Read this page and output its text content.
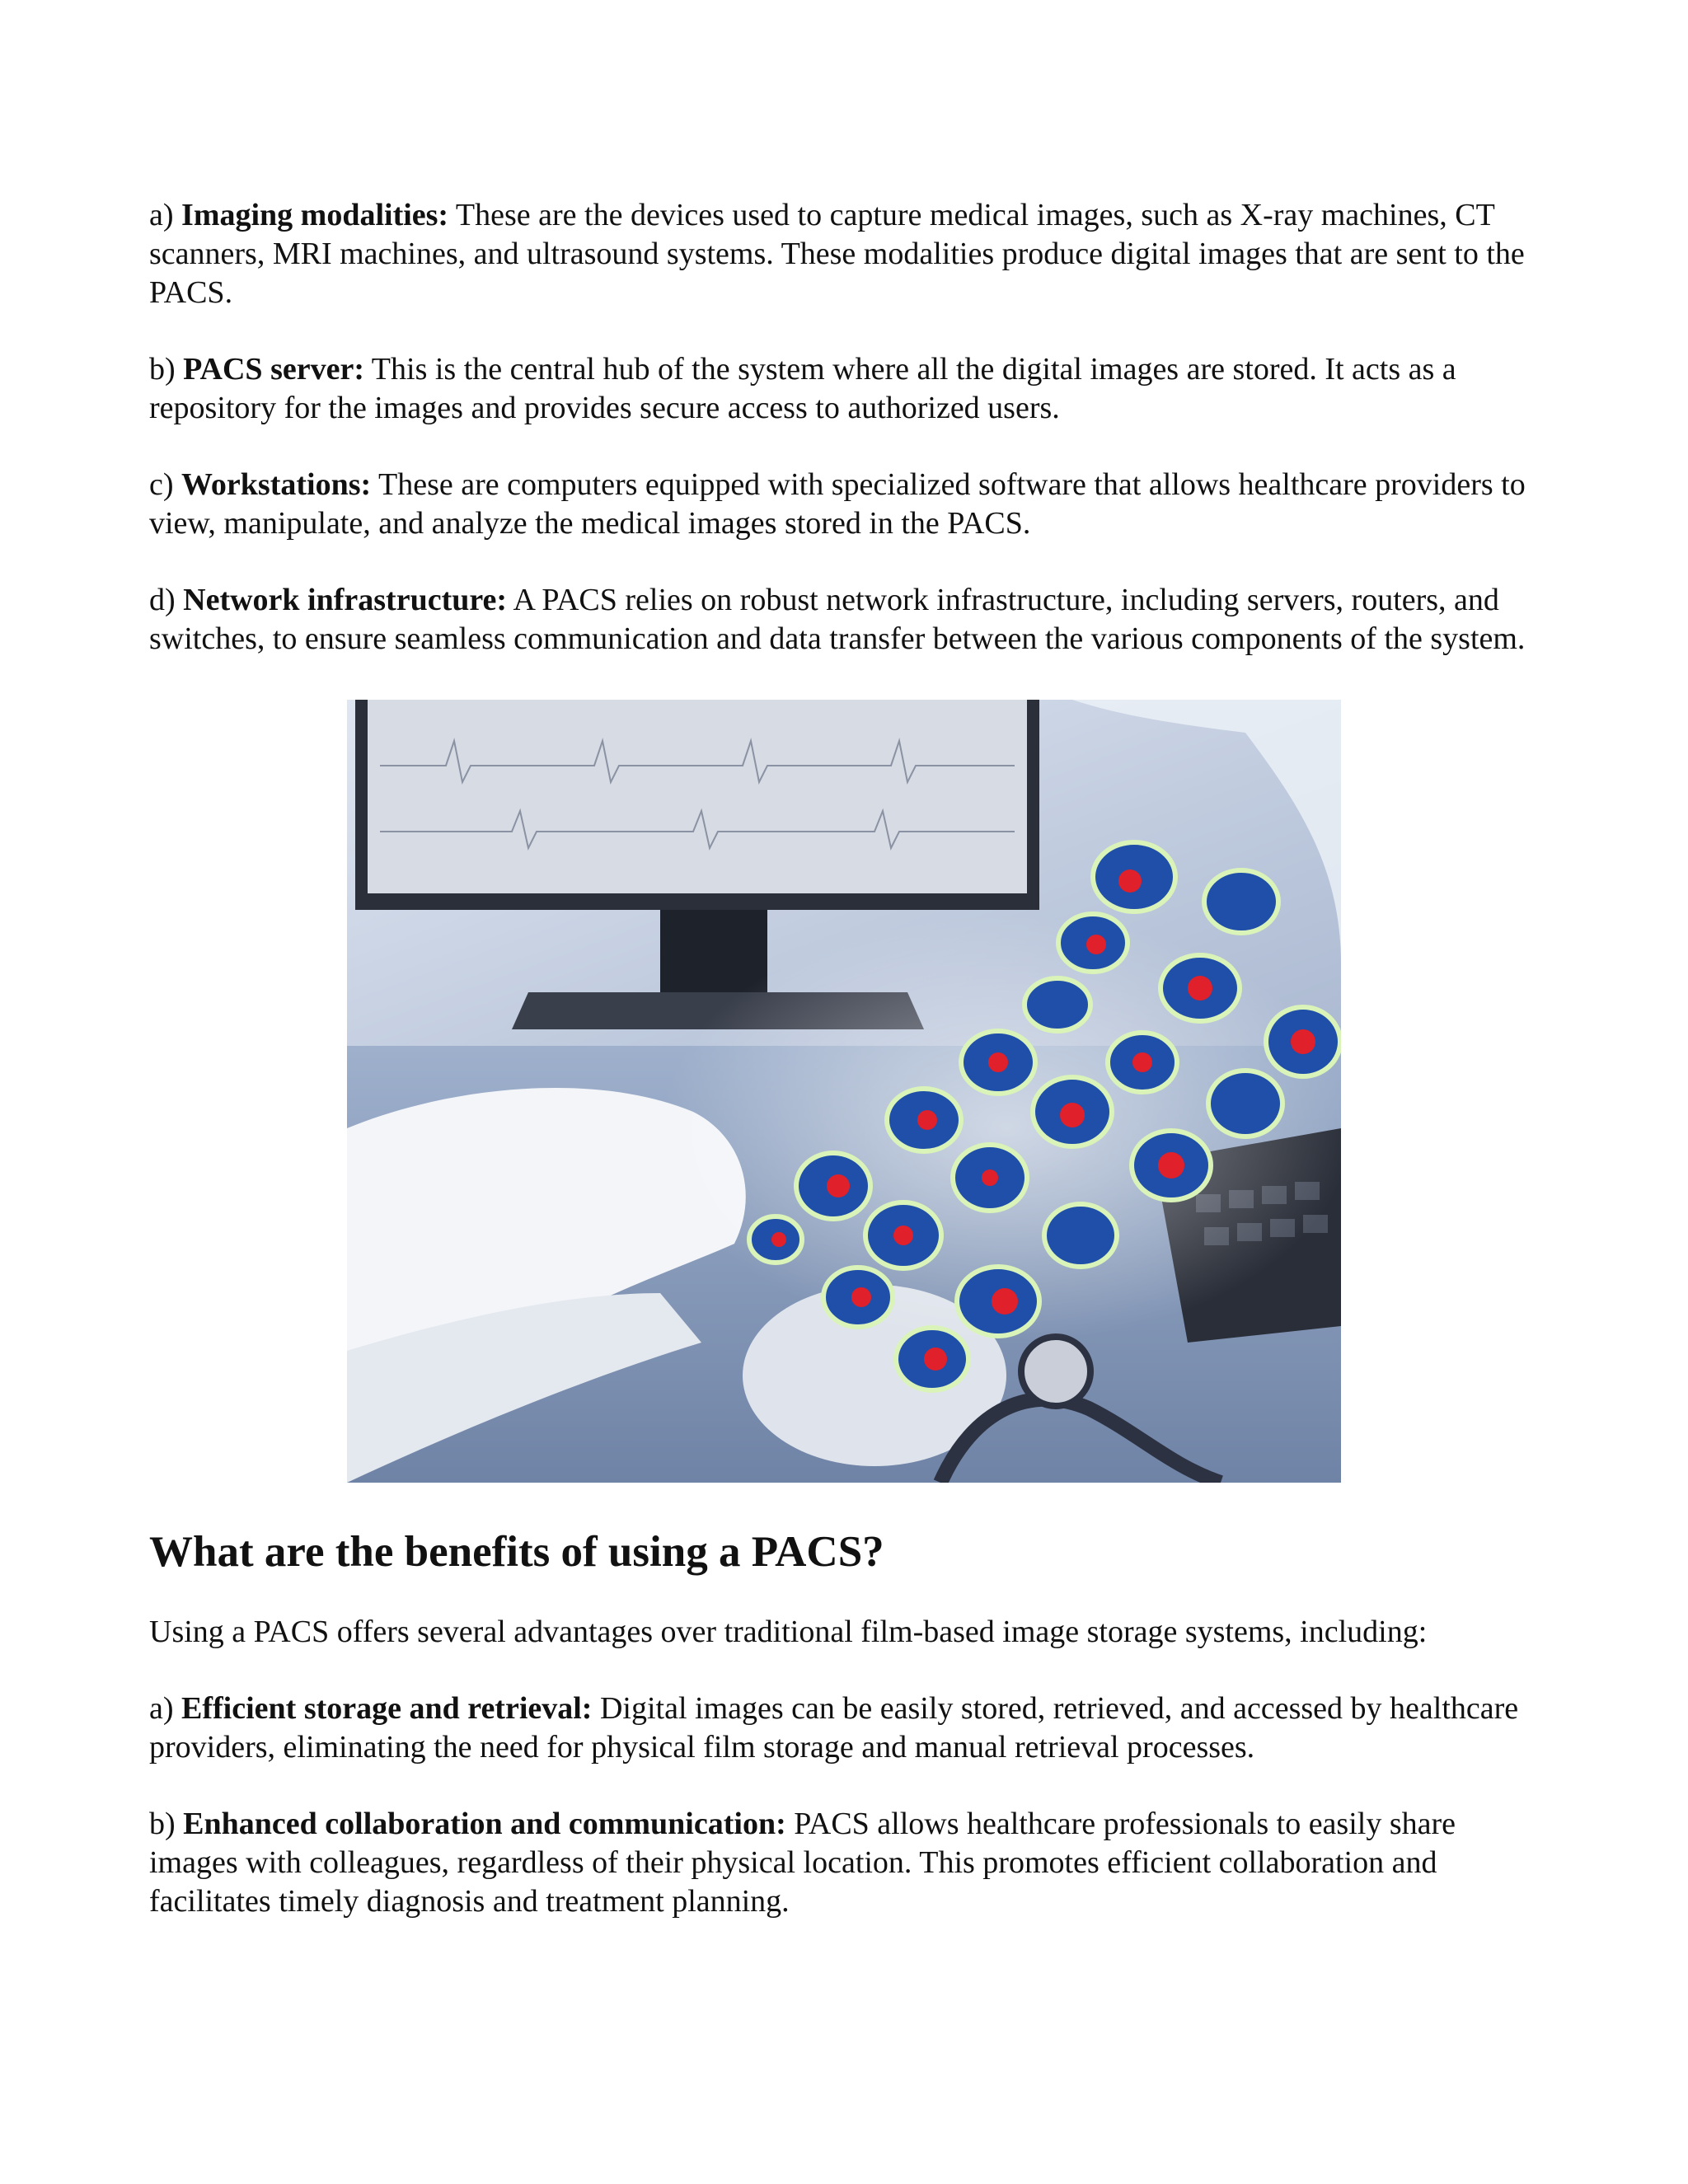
a) Imaging modalities: These are the devices used to capture medical images, such as X-ray machines, CT scanners, MRI machines, and ultrasound systems. These modalities produce digital images that are sent to the PACS.

b) PACS server: This is the central hub of the system where all the digital images are stored. It acts as a repository for the images and provides secure access to authorized users.

c) Workstations: These are computers equipped with specialized software that allows healthcare providers to view, manipulate, and analyze the medical images stored in the PACS.

d) Network infrastructure: A PACS relies on robust network infrastructure, including servers, routers, and switches, to ensure seamless communication and data transfer between the various components of the system.

What are the benefits of using a PACS?

Using a PACS offers several advantages over traditional film-based image storage systems, including:

a) Efficient storage and retrieval: Digital images can be easily stored, retrieved, and accessed by healthcare providers, eliminating the need for physical film storage and manual retrieval processes.

b) Enhanced collaboration and communication: PACS allows healthcare professionals to easily share images with colleagues, regardless of their physical location. This promotes efficient collaboration and facilitates timely diagnosis and treatment planning.
